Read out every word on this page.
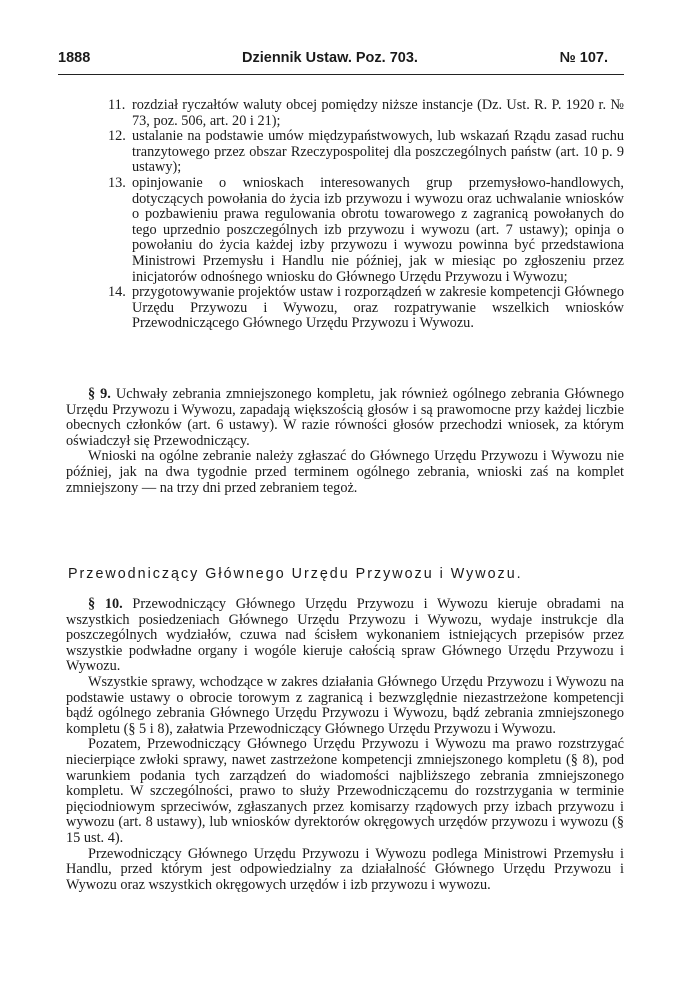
1888	Dziennik Ustaw. Poz. 703.	№ 107.
11. rozdział ryczałtów waluty obcej pomiędzy niższe instancje (Dz. Ust. R. P. 1920 r. № 73, poz. 506, art. 20 i 21);
12. ustalanie na podstawie umów międzypaństwowych, lub wskazań Rządu zasad ruchu tranzytowego przez obszar Rzeczypospolitej dla poszczególnych państw (art. 10 p. 9 ustawy);
13. opinjowanie o wnioskach interesowanych grup przemysłowo-handlowych, dotyczących powołania do życia izb przywozu i wywozu oraz uchwalanie wniosków o pozbawieniu prawa regulowania obrotu towarowego z zagranicą powołanych do tego uprzednio poszczególnych izb przywozu i wywozu (art. 7 ustawy); opinja o powołaniu do życia każdej izby przywozu i wywozu powinna być przedstawiona Ministrowi Przemysłu i Handlu nie później, jak w miesiąc po zgłoszeniu przez inicjatorów odnośnego wniosku do Głównego Urzędu Przywozu i Wywozu;
14. przygotowywanie projektów ustaw i rozporządzeń w zakresie kompetencji Głównego Urzędu Przywozu i Wywozu, oraz rozpatrywanie wszelkich wniosków Przewodniczącego Głównego Urzędu Przywozu i Wywozu.

§ 9. Uchwały zebrania zmniejszonego kompletu, jak również ogólnego zebrania Głównego Urzędu Przywozu i Wywozu, zapadają większością głosów i są prawomocne przy każdej liczbie obecnych członków (art. 6 ustawy). W razie równości głosów przechodzi wniosek, za którym oświadczył się Przewodniczący.

Wnioski na ogólne zebranie należy zgłaszać do Głównego Urzędu Przywozu i Wywozu nie później, jak na dwa tygodnie przed terminem ogólnego zebrania, wnioski zaś na komplet zmniejszony — na trzy dni przed zebraniem tegoż.

Przewodniczący Głównego Urzędu Przywozu i Wywozu.

§ 10. Przewodniczący Głównego Urzędu Przywozu i Wywozu kieruje obradami na wszystkich posiedzeniach Głównego Urzędu Przywozu i Wywozu, wydaje instrukcje dla poszczególnych wydziałów, czuwa nad ścisłem wykonaniem istniejących przepisów przez wszystkie podwładne organy i wogóle kieruje całością spraw Głównego Urzędu Przywozu i Wywozu.

Wszystkie sprawy, wchodzące w zakres działania Głównego Urzędu Przywozu i Wywozu na podstawie ustawy o obrocie torowym z zagranicą i bezwzględnie niezastrzeżone kompetencji bądź ogólnego zebrania Głównego Urzędu Przywozu i Wywozu, bądź zebrania zmniejszonego kompletu (§ 5 i 8), załatwia Przewodniczący Głównego Urzędu Przywozu i Wywozu.

Pozatem, Przewodniczący Głównego Urzędu Przywozu i Wywozu ma prawo rozstrzygać niecierpiące zwłoki sprawy, nawet zastrzeżone kompetencji zmniejszonego kompletu (§ 8), pod warunkiem podania tych zarządzeń do wiadomości najbliższego zebrania zmniejszonego kompletu. W szczególności, prawo to służy Przewodniczącemu do rozstrzygania w terminie pięciodniowym sprzeciwów, zgłaszanych przez komisarzy rządowych przy izbach przywozu i wywozu (art. 8 ustawy), lub wniosków dyrektorów okręgowych urzędów przywozu i wywozu (§ 15 ust. 4).

Przewodniczący Głównego Urzędu Przywozu i Wywozu podlega Ministrowi Przemysłu i Handlu, przed którym jest odpowiedzialny za działalność Głównego Urzędu Przywozu i Wywozu oraz wszystkich okręgowych urzędów i izb przywozu i wywozu.
